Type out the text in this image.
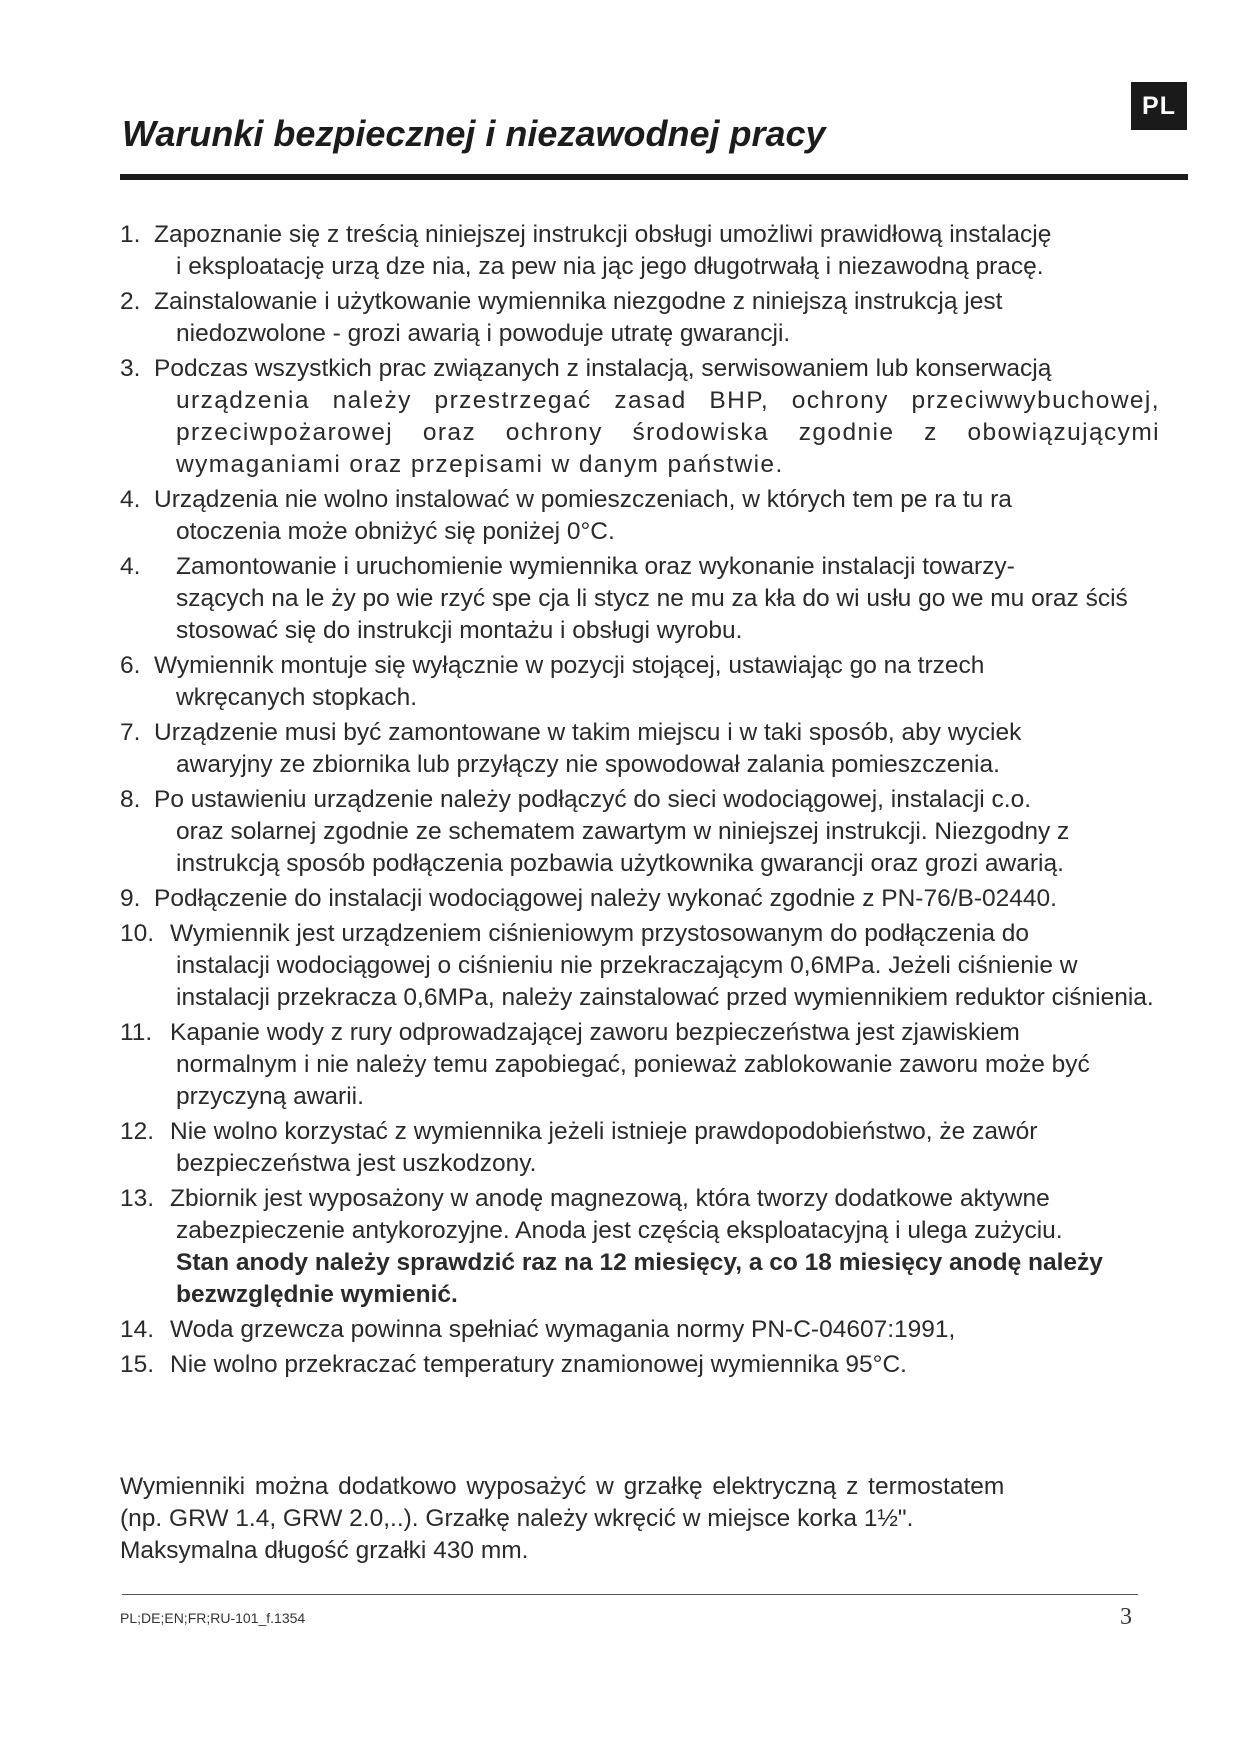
PL
Warunki bezpiecznej i niezawodnej pracy
1. Zapoznanie się z treścią niniejszej instrukcji obsługi umożliwi prawidłową instalację
i eksploatację urzą dze nia, za pew nia jąc jego długotrwałą i niezawodną pracę.
2. Zainstalowanie i użytkowanie wymiennika niezgodne z niniejszą instrukcją jest
niedozwolone - grozi awarią i powoduje utratę gwarancji.
3. Podczas wszystkich prac związanych z instalacją, serwisowaniem lub konserwacją

urządzenia należy przestrzegać zasad BHP, ochrony przeciwwybuchowej, przeciwpożarowej oraz ochrony środowiska zgodnie z obowiązującymi wymaganiami oraz przepisami w danym państwie.
4. Urządzenia nie wolno instalować w pomieszczeniach, w których tem pe ra tu ra
otoczenia może obniżyć się poniżej 0°C.
4. Zamontowanie i uruchomienie wymiennika oraz wykonanie instalacji towarzy-
szących na le ży po wie rzyć spe cja li stycz ne mu za kła do wi usłu go we mu oraz ściś stosować się do instrukcji montażu i obsługi wyrobu.
6. Wymiennik montuje się wyłącznie w pozycji stojącej, ustawiając go na trzech
wkręcanych stopkach.
7. Urządzenie musi być zamontowane w takim miejscu i w taki sposób, aby wyciek
awaryjny ze zbiornika lub przyłączy nie spowodował zalania pomieszczenia.
8. Po ustawieniu urządzenie należy podłączyć do sieci wodociągowej, instalacji c.o.
oraz solarnej zgodnie ze schematem zawartym w niniejszej instrukcji. Niezgodny z instrukcją sposób podłączenia pozbawia użytkownika gwarancji oraz grozi awarią.
9. Podłączenie do instalacji wodociągowej należy wykonać zgodnie z PN-76/B-02440.
10. Wymiennik jest urządzeniem ciśnieniowym przystosowanym do podłączenia do
instalacji wodociągowej o ciśnieniu nie przekraczającym 0,6MPa. Jeżeli ciśnienie w instalacji przekracza 0,6MPa, należy zainstalować przed wymiennikiem reduktor ciśnienia.
11. Kapanie wody z rury odprowadzającej zaworu bezpieczeństwa jest zjawiskiem
normalnym i nie należy temu zapobiegać, ponieważ zablokowanie zaworu może być przyczyną awarii.
12. Nie wolno korzystać z wymiennika jeżeli istnieje prawdopodobieństwo, że zawór
bezpieczeństwa jest uszkodzony.
13. Zbiornik jest wyposażony w anodę magnezową, która tworzy dodatkowe aktywne
zabezpieczenie antykorozyjne. Anoda jest częścią eksploatacyjną i ulega zużyciu.
Stan anody należy sprawdzić raz na 12 miesięcy, a co 18 miesięcy anodę należy bezwzględnie wymienić.
14. Woda grzewcza powinna spełniać wymagania normy PN-C-04607:1991,
15. Nie wolno przekraczać temperatury znamionowej wymiennika 95°C.

Wymienniki można dodatkowo wyposażyć w grzałkę elektryczną z termostatem
(np. GRW 1.4, GRW 2.0,..). Grzałkę należy wkręcić w miejsce korka 1½".
Maksymalna długość grzałki 430 mm.

PL;DE;EN;FR;RU-101_f.1354	3
